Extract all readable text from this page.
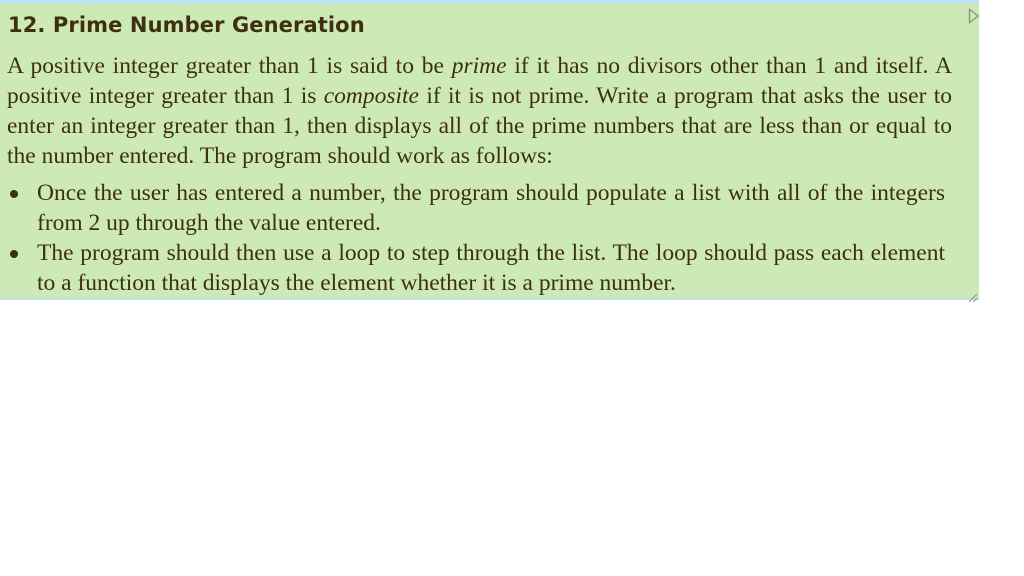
12. Prime Number Generation

A positive integer greater than 1 is said to be prime if it has no divisors other than 1 and itself. A positive integer greater than 1 is composite if it is not prime. Write a program that asks the user to enter an integer greater than 1, then displays all of the prime numbers that are less than or equal to the number entered. The program should work as follows:

Once the user has entered a number, the program should populate a list with all of the integers from 2 up through the value entered.
The program should then use a loop to step through the list. The loop should pass each element to a function that displays the element whether it is a prime number.
